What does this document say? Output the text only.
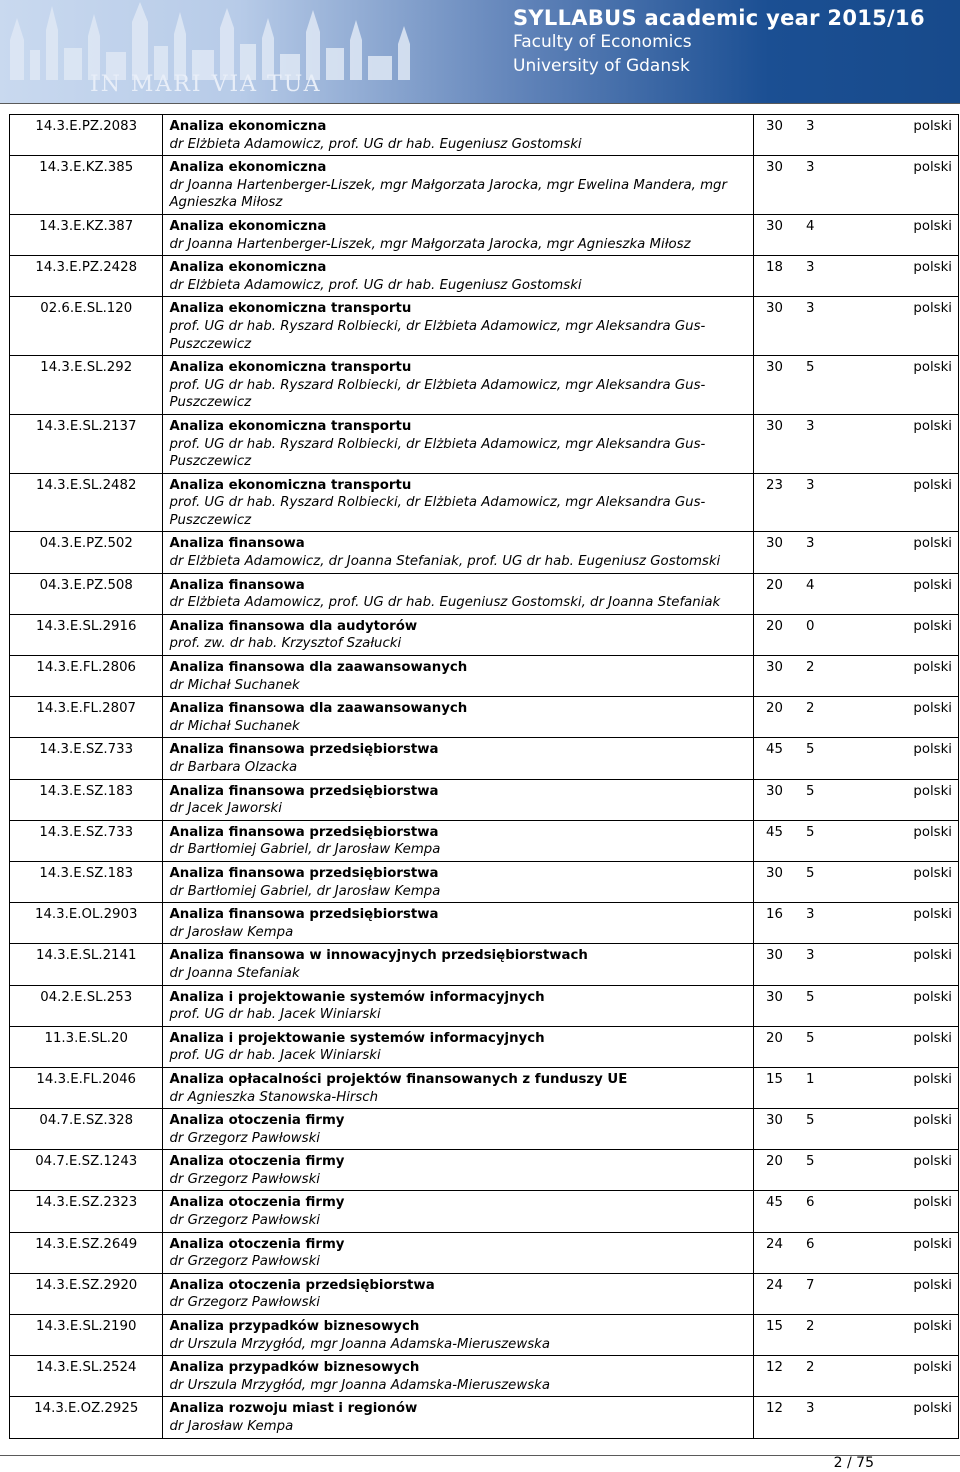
IN MARI VIA TUA
SYLLABUS academic year 2015/16
Faculty of Economics
University of Gdansk
14.3.E.PZ.2083	Analiza ekonomiczna
dr Elżbieta Adamowicz, prof. UG dr hab. Eugeniusz Gostomski	30 3 polski

14.3.E.KZ.385	Analiza ekonomiczna
dr Joanna Hartenberger-Liszek, mgr Małgorzata Jarocka, mgr Ewelina Mandera, mgr Agnieszka Miłosz	30 3 polski

14.3.E.KZ.387	Analiza ekonomiczna
dr Joanna Hartenberger-Liszek, mgr Małgorzata Jarocka, mgr Agnieszka Miłosz	30 4 polski

14.3.E.PZ.2428	Analiza ekonomiczna
dr Elżbieta Adamowicz, prof. UG dr hab. Eugeniusz Gostomski	18 3 polski

02.6.E.SL.120	Analiza ekonomiczna transportu
prof. UG dr hab. Ryszard Rolbiecki, dr Elżbieta Adamowicz, mgr Aleksandra Gus-Puszczewicz	30 3 polski

14.3.E.SL.292	Analiza ekonomiczna transportu
prof. UG dr hab. Ryszard Rolbiecki, dr Elżbieta Adamowicz, mgr Aleksandra Gus-Puszczewicz	30 5 polski

14.3.E.SL.2137	Analiza ekonomiczna transportu
prof. UG dr hab. Ryszard Rolbiecki, dr Elżbieta Adamowicz, mgr Aleksandra Gus-Puszczewicz	30 3 polski

14.3.E.SL.2482	Analiza ekonomiczna transportu
prof. UG dr hab. Ryszard Rolbiecki, dr Elżbieta Adamowicz, mgr Aleksandra Gus-Puszczewicz	23 3 polski

04.3.E.PZ.502	Analiza finansowa
dr Elżbieta Adamowicz, dr Joanna Stefaniak, prof. UG dr hab. Eugeniusz Gostomski	30 3 polski

04.3.E.PZ.508	Analiza finansowa
dr Elżbieta Adamowicz, prof. UG dr hab. Eugeniusz Gostomski, dr Joanna Stefaniak	20 4 polski

14.3.E.SL.2916	Analiza finansowa dla audytorów
prof. zw. dr hab. Krzysztof Szałucki	20 0 polski

14.3.E.FL.2806	Analiza finansowa dla zaawansowanych
dr Michał Suchanek	30 2 polski

14.3.E.FL.2807	Analiza finansowa dla zaawansowanych
dr Michał Suchanek	20 2 polski

14.3.E.SZ.733	Analiza finansowa przedsiębiorstwa
dr Barbara Olzacka	45 5 polski

14.3.E.SZ.183	Analiza finansowa przedsiębiorstwa
dr Jacek Jaworski	30 5 polski

14.3.E.SZ.733	Analiza finansowa przedsiębiorstwa
dr Bartłomiej Gabriel, dr Jarosław Kempa	45 5 polski

14.3.E.SZ.183	Analiza finansowa przedsiębiorstwa
dr Bartłomiej Gabriel, dr Jarosław Kempa	30 5 polski

14.3.E.OL.2903	Analiza finansowa przedsiębiorstwa
dr Jarosław Kempa	16 3 polski

14.3.E.SL.2141	Analiza finansowa w innowacyjnych przedsiębiorstwach
dr Joanna Stefaniak	30 3 polski

04.2.E.SL.253	Analiza i projektowanie systemów informacyjnych
prof. UG dr hab. Jacek Winiarski	30 5 polski

11.3.E.SL.20	Analiza i projektowanie systemów informacyjnych
prof. UG dr hab. Jacek Winiarski	20 5 polski

14.3.E.FL.2046	Analiza opłacalności projektów finansowanych z funduszy UE
dr Agnieszka Stanowska-Hirsch	15 1 polski

04.7.E.SZ.328	Analiza otoczenia firmy
dr Grzegorz Pawłowski	30 5 polski

04.7.E.SZ.1243	Analiza otoczenia firmy
dr Grzegorz Pawłowski	20 5 polski

14.3.E.SZ.2323	Analiza otoczenia firmy
dr Grzegorz Pawłowski	45 6 polski

14.3.E.SZ.2649	Analiza otoczenia firmy
dr Grzegorz Pawłowski	24 6 polski

14.3.E.SZ.2920	Analiza otoczenia przedsiębiorstwa
dr Grzegorz Pawłowski	24 7 polski

14.3.E.SL.2190	Analiza przypadków biznesowych
dr Urszula Mrzygłód, mgr Joanna Adamska-Mieruszewska	15 2 polski

14.3.E.SL.2524	Analiza przypadków biznesowych
dr Urszula Mrzygłód, mgr Joanna Adamska-Mieruszewska	12 2 polski

14.3.E.OZ.2925	Analiza rozwoju miast i regionów
dr Jarosław Kempa	12 3 polski
2 / 75
